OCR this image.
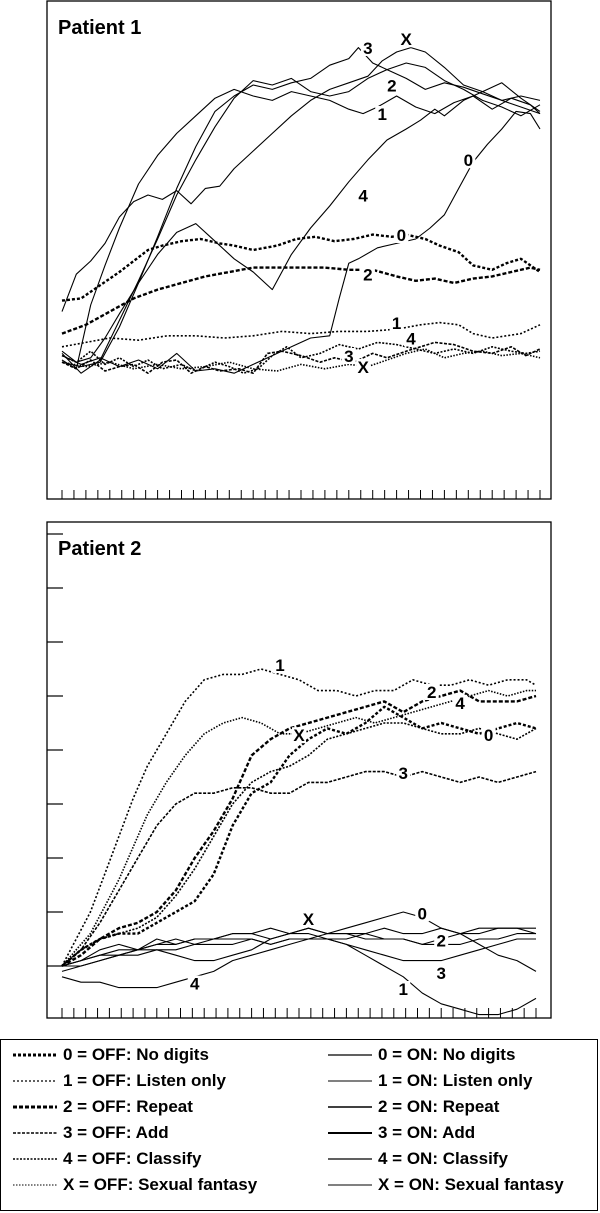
Patient 1
0
1
2
3
4
X
0
1
2
3
4
X
Patient 2
0
1
2
3
4
X
0
1
2
3
4
X
0 = OFF: No digits
1 = OFF: Listen only
2 = OFF: Repeat
3 = OFF: Add
4 = OFF: Classify
X = OFF: Sexual fantasy
0 = ON: No digits
1 = ON: Listen only
2 = ON: Repeat
3 = ON: Add
4 = ON: Classify
X = ON: Sexual fantasy
